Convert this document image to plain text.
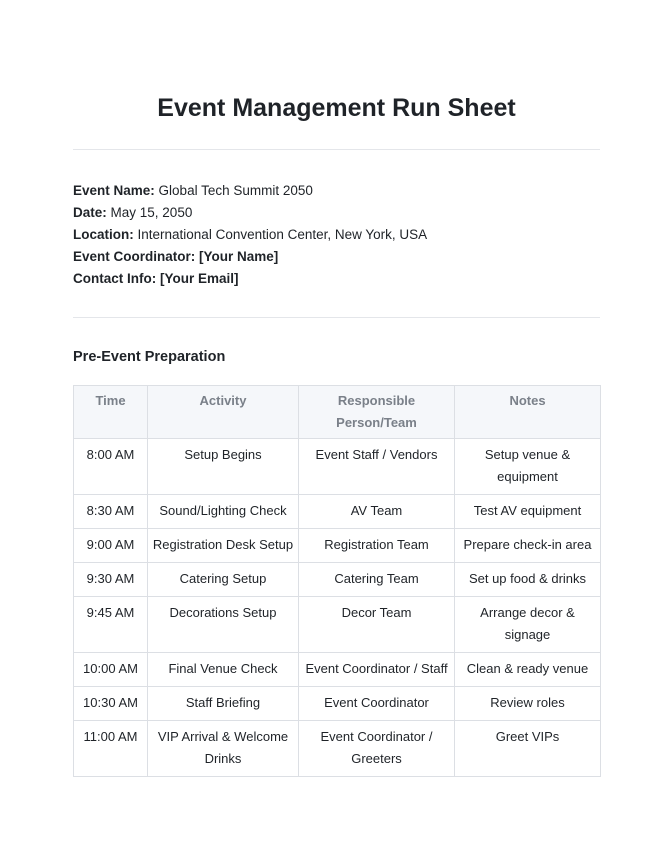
Event Management Run Sheet
Event Name: Global Tech Summit 2050
Date: May 15, 2050
Location: International Convention Center, New York, USA
Event Coordinator: [Your Name]
Contact Info: [Your Email]
Pre-Event Preparation
Time	Activity	Responsible Person/Team	Notes
8:00 AM	Setup Begins	Event Staff / Vendors	Setup venue & equipment
8:30 AM	Sound/Lighting Check	AV Team	Test AV equipment
9:00 AM	Registration Desk Setup	Registration Team	Prepare check-in area
9:30 AM	Catering Setup	Catering Team	Set up food & drinks
9:45 AM	Decorations Setup	Decor Team	Arrange decor & signage
10:00 AM	Final Venue Check	Event Coordinator / Staff	Clean & ready venue
10:30 AM	Staff Briefing	Event Coordinator	Review roles
11:00 AM	VIP Arrival & Welcome Drinks	Event Coordinator / Greeters	Greet VIPs
